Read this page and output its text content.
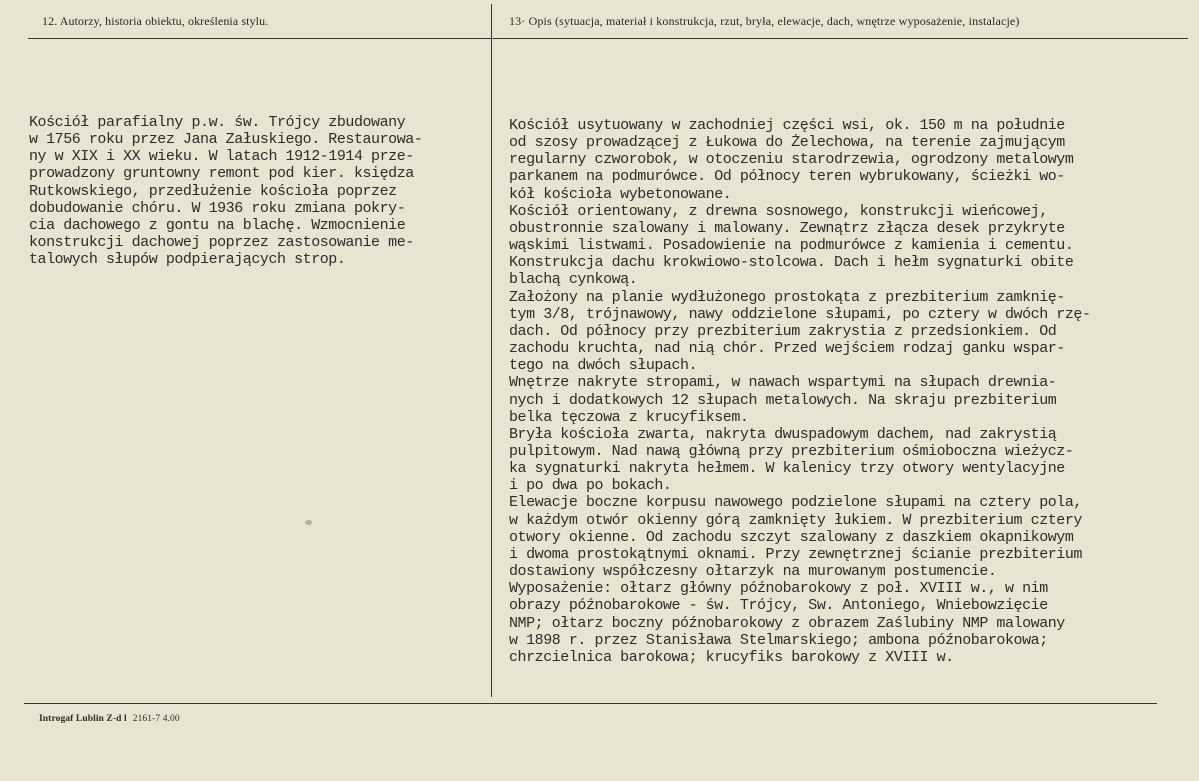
12. Autorzy, historia obiektu, określenia stylu.	13· Opis (sytuacja, materiał i konstrukcja, rzut, bryła, elewacje, dach, wnętrze wyposażenie, instalacje)
Kościół parafialny p.w. św. Trójcy zbudowany
w 1756 roku przez Jana Załuskiego. Restaurowa-
ny w XIX i XX wieku. W latach 1912-1914 prze-
prowadzony gruntowny remont pod kier. księdza
Rutkowskiego, przedłużenie kościoła poprzez
dobudowanie chóru. W 1936 roku zmiana pokry-
cia dachowego z gontu na blachę. Wzmocnienie
konstrukcji dachowej poprzez zastosowanie me-
talowych słupów podpierających strop.
Kościół usytuowany w zachodniej części wsi, ok. 150 m na południe
od szosy prowadzącej z Łukowa do Żelechowa, na terenie zajmującym
regularny czworobok, w otoczeniu starodrzewia, ogrodzony metalowym
parkanem na podmurówce. Od północy teren wybrukowany, ścieżki wo-
kół kościoła wybetonowane.
Kościół orientowany, z drewna sosnowego, konstrukcji wieńcowej,
obustronnie szalowany i malowany. Zewnątrz złącza desek przykryte
wąskimi listwami. Posadowienie na podmurówce z kamienia i cementu.
Konstrukcja dachu krokwiowo-stolcowa. Dach i hełm sygnaturki obite
blachą cynkową.
Założony na planie wydłużonego prostokąta z prezbiterium zamknię-
tym 3/8, trójnawowy, nawy oddzielone słupami, po cztery w dwóch rzę-
dach. Od północy przy prezbiterium zakrystia z przedsionkiem. Od
zachodu kruchta, nad nią chór. Przed wejściem rodzaj ganku wspar-
tego na dwóch słupach.
Wnętrze nakryte stropami, w nawach wspartymi na słupach drewnia-
nych i dodatkowych 12 słupach metalowych. Na skraju prezbiterium
belka tęczowa z krucyfiksem.
Bryła kościoła zwarta, nakryta dwuspadowym dachem, nad zakrystią
pulpitowym. Nad nawą główną przy prezbiterium ośmioboczna wieżycz-
ka sygnaturki nakryta hełmem. W kalenicy trzy otwory wentylacyjne
i po dwa po bokach.
Elewacje boczne korpusu nawowego podzielone słupami na cztery pola,
w każdym otwór okienny górą zamknięty łukiem. W prezbiterium cztery
otwory okienne. Od zachodu szczyt szalowany z daszkiem okapnikowym
i dwoma prostokątnymi oknami. Przy zewnętrznej ścianie prezbiterium
dostawiony współczesny ołtarzyk na murowanym postumencie.
Wyposażenie: ołtarz główny późnobarokowy z poł. XVIII w., w nim
obrazy późnobarokowe - św. Trójcy, Sw. Antoniego, Wniebowzięcie
NMP; ołtarz boczny późnobarokowy z obrazem Zaślubiny NMP malowany
w 1898 r. przez Stanisława Stelmarskiego; ambona późnobarokowa;
chrzcielnica barokowa; krucyfiks barokowy z XVIII w.
Introgaf Lublin Z-d l 2161-7 4.00
